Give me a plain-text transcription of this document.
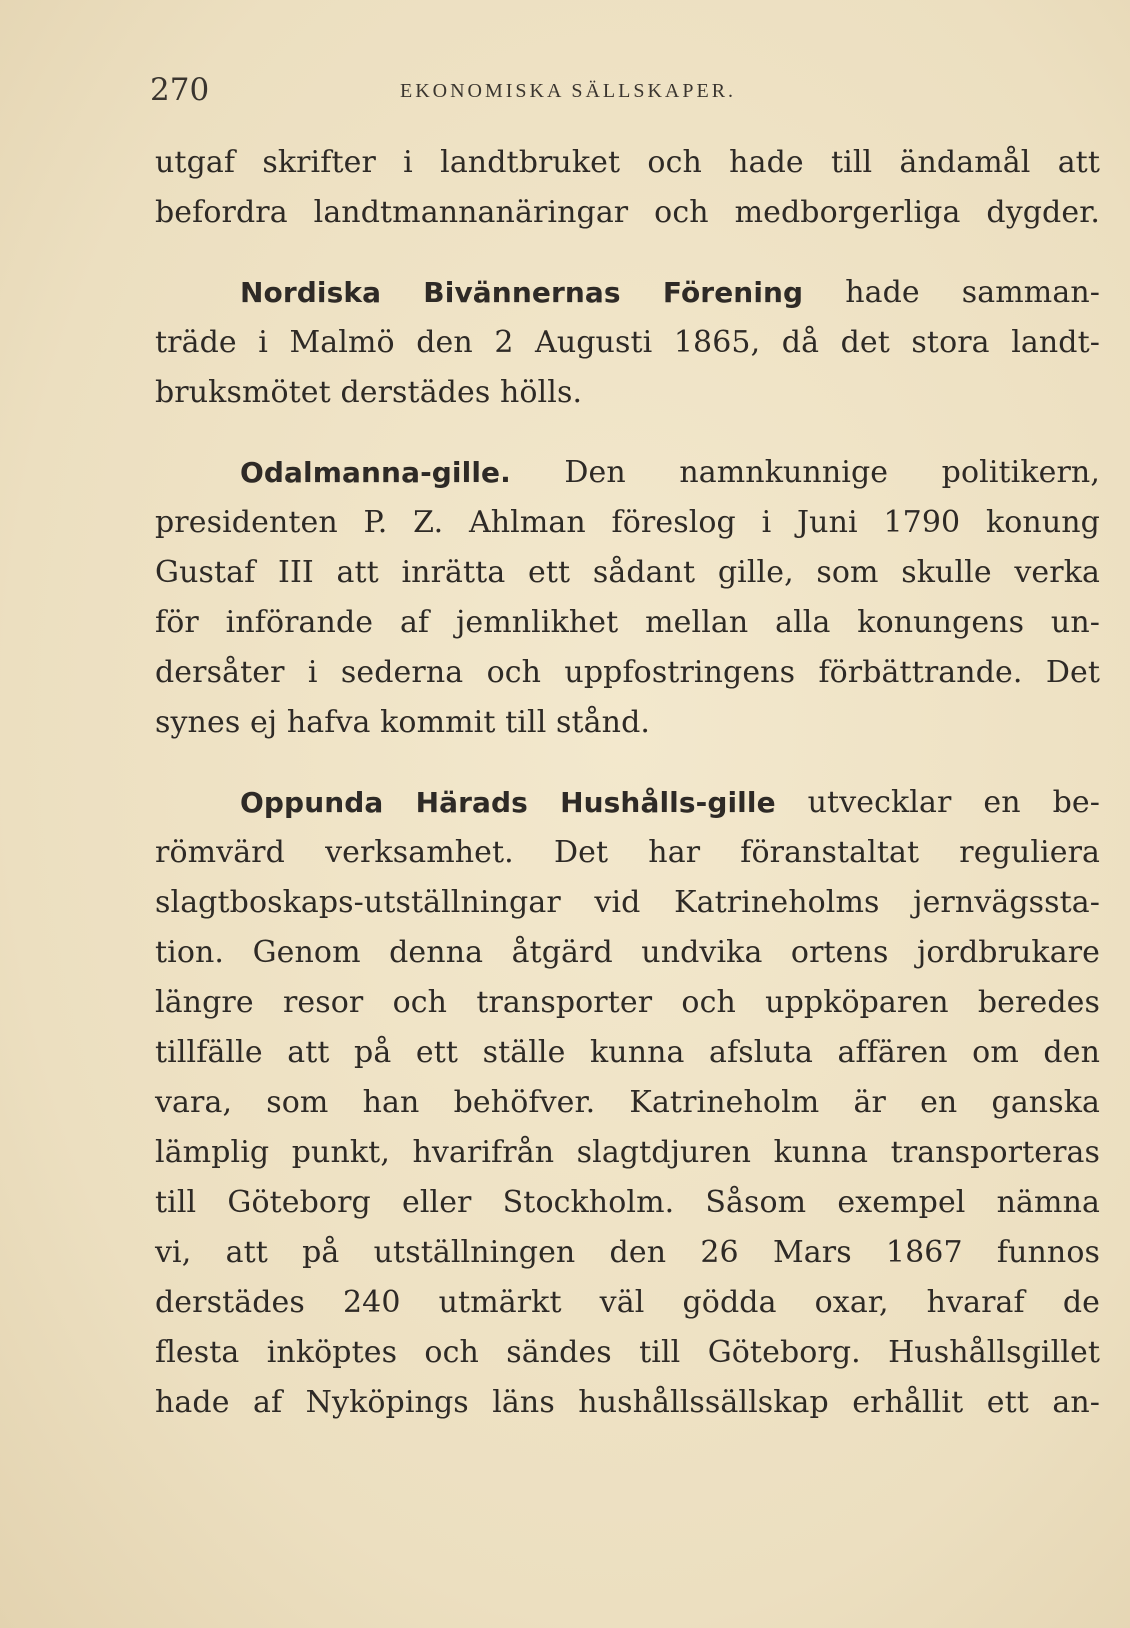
270	EKONOMISKA SÄLLSKAPER.
utgaf skrifter i landtbruket och hade till ändamål att
befordra landtmannanäringar och medborgerliga dygder.
Nordiska Bivännernas Förening hade samman-
träde i Malmö den 2 Augusti 1865, då det stora landt-
bruksmötet derstädes hölls.
Odalmanna-gille. Den namnkunnige politikern,
presidenten P. Z. Ahlman föreslog i Juni 1790 konung
Gustaf III att inrätta ett sådant gille, som skulle verka
för införande af jemnlikhet mellan alla konungens un-
dersåter i sederna och uppfostringens förbättrande. Det
synes ej hafva kommit till stånd.
Oppunda Härads Hushålls-gille utvecklar en be-
römvärd verksamhet. Det har föranstaltat reguliera
slagtboskaps-utställningar vid Katrineholms jernvägssta-
tion. Genom denna åtgärd undvika ortens jordbrukare
längre resor och transporter och uppköparen beredes
tillfälle att på ett ställe kunna afsluta affären om den
vara, som han behöfver. Katrineholm är en ganska
lämplig punkt, hvarifrån slagtdjuren kunna transporteras
till Göteborg eller Stockholm. Såsom exempel nämna
vi, att på utställningen den 26 Mars 1867 funnos
derstädes 240 utmärkt väl gödda oxar, hvaraf de
flesta inköptes och sändes till Göteborg. Hushållsgillet
hade af Nyköpings läns hushållssällskap erhållit ett an-
